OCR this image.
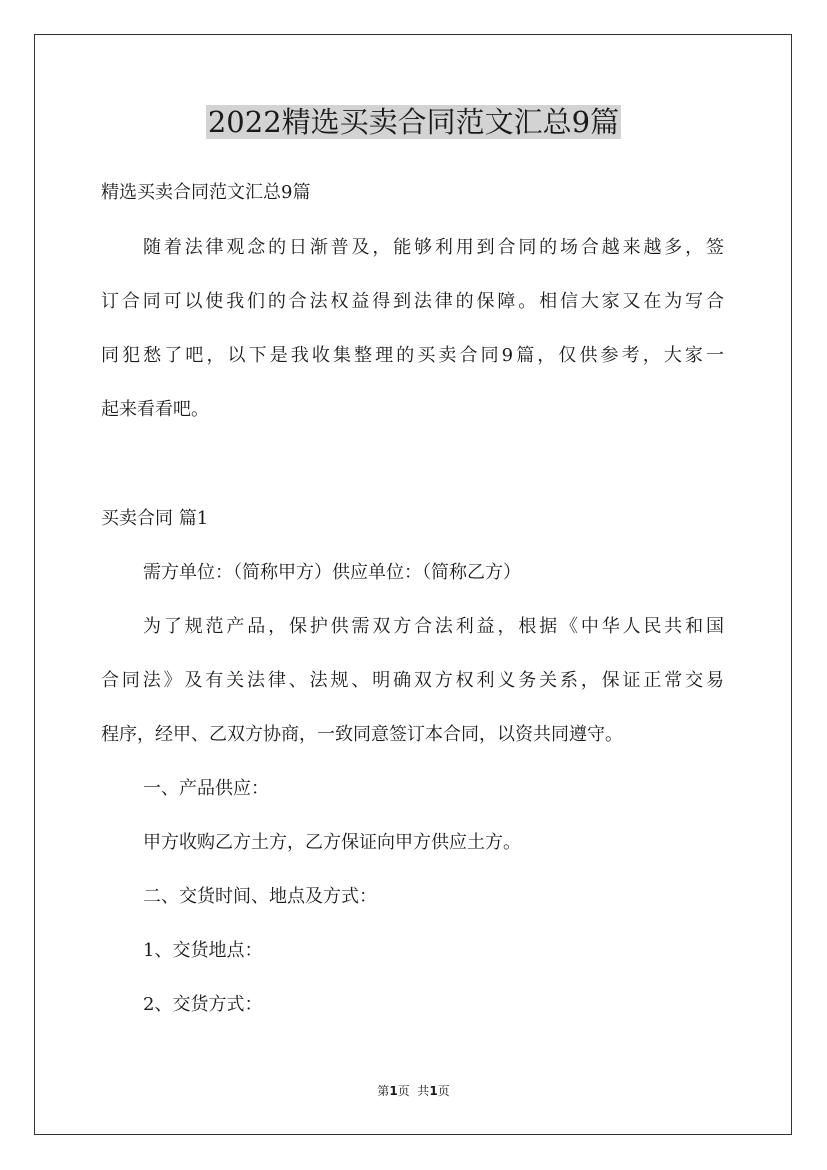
2022精选买卖合同范文汇总9篇

精选买卖合同范文汇总9篇

随着法律观念的日渐普及，能够利用到合同的场合越来越多，签

订合同可以使我们的合法权益得到法律的保障。相信大家又在为写合

同犯愁了吧，以下是我收集整理的买卖合同9篇，仅供参考，大家一

起来看看吧。

买卖合同 篇1

需方单位：（简称甲方）供应单位：（简称乙方）

为了规范产品，保护供需双方合法利益，根据《中华人民共和国

合同法》及有关法律、法规、明确双方权利义务关系，保证正常交易

程序，经甲、乙双方协商，一致同意签订本合同，以资共同遵守。

一、产品供应：

甲方收购乙方土方，乙方保证向甲方供应土方。

二、交货时间、地点及方式：

1、交货地点：

2、交货方式：

第1页  共1页
